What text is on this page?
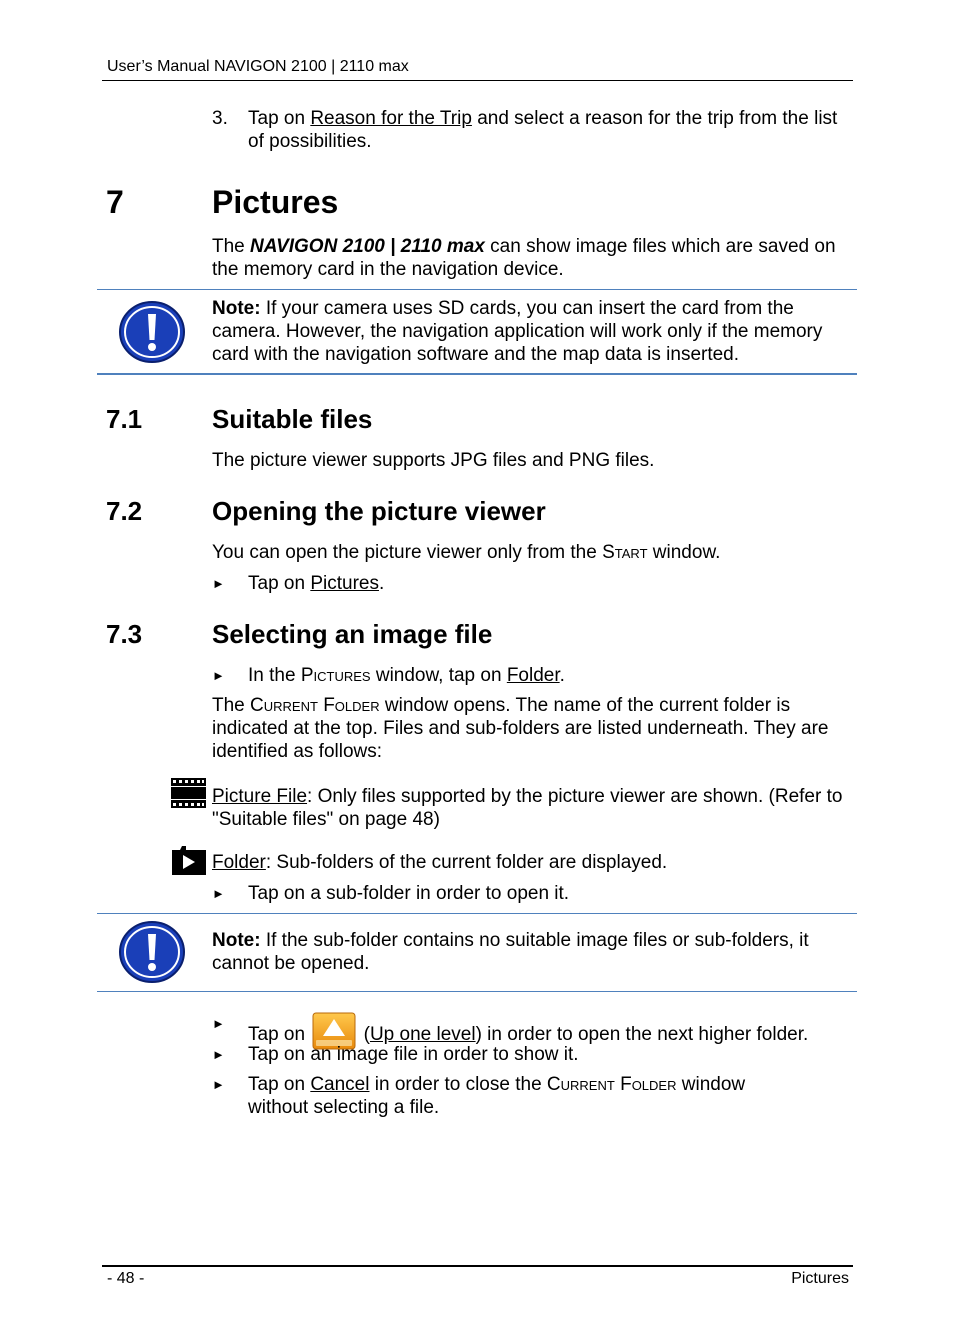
User’s Manual NAVIGON 2100 | 2110 max
3. Tap on Reason for the Trip and select a reason for the trip from the list of possibilities.
7	Pictures
The NAVIGON 2100 | 2110 max can show image files which are saved on the memory card in the navigation device.
Note: If your camera uses SD cards, you can insert the card from the camera. However, the navigation application will work only if the memory card with the navigation software and the map data is inserted.
7.1	Suitable files
The picture viewer supports JPG files and PNG files.
7.2	Opening the picture viewer
You can open the picture viewer only from the Start window.
► Tap on Pictures.
7.3	Selecting an image file
► In the Pictures window, tap on Folder.
The Current Folder window opens. The name of the current folder is indicated at the top. Files and sub-folders are listed underneath. They are identified as follows:
Picture File: Only files supported by the picture viewer are shown. (Refer to "Suitable files" on page 48)
Folder: Sub-folders of the current folder are displayed.
► Tap on a sub-folder in order to open it.
Note: If the sub-folder contains no suitable image files or sub-folders, it cannot be opened.
►
Tap on	(Up one level) in order to open the next higher folder.
► Tap on an image file in order to show it.
► Tap on Cancel in order to close the Current Folder window without selecting a file.
- 48 -	Pictures
